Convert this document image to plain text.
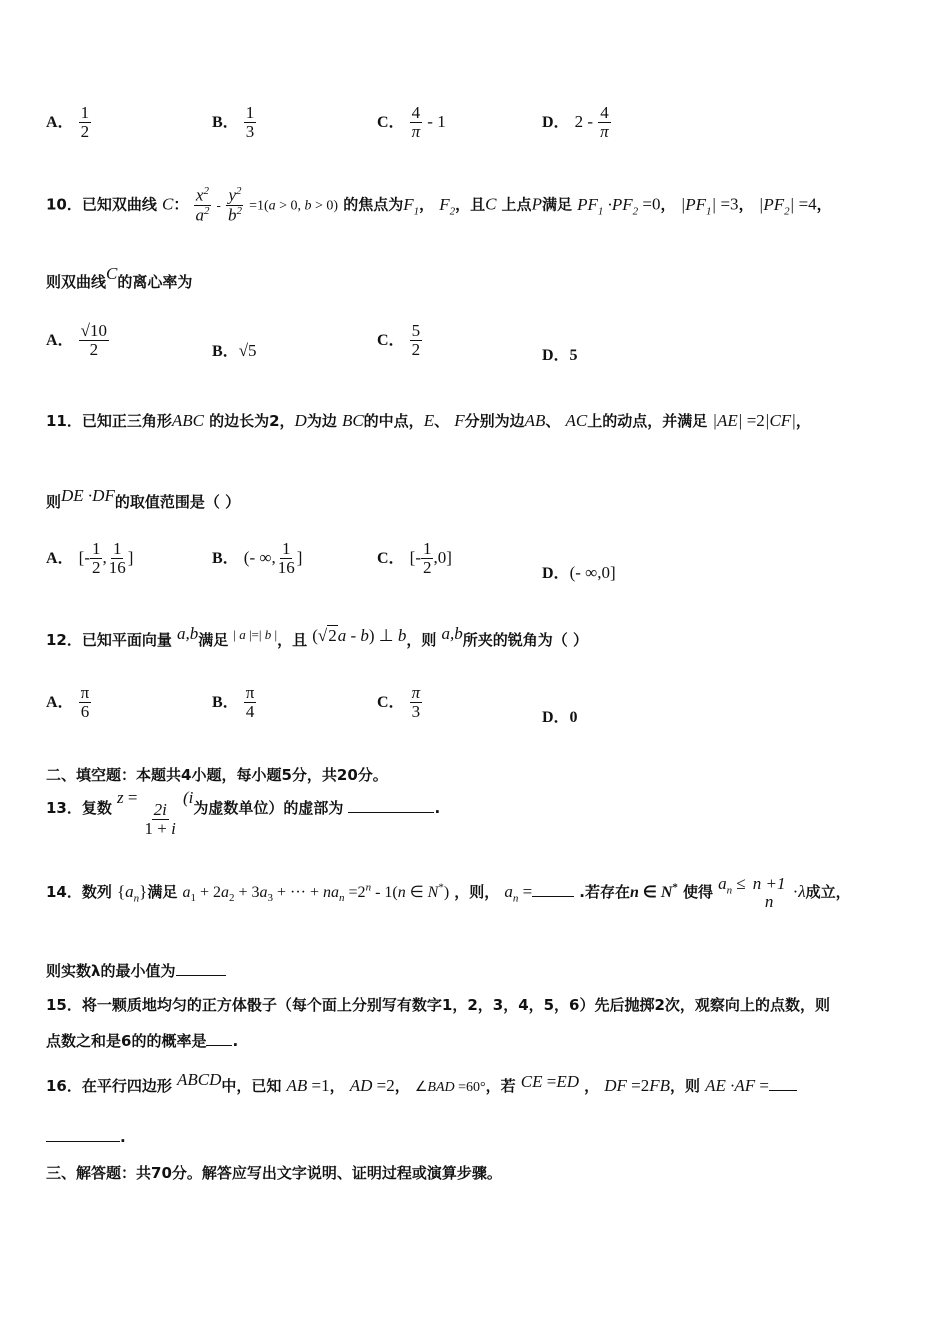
A． $\frac{1}{2}$	B． $\frac{1}{3}$	C． $\frac{4}{\pi} - 1$	D． $2 - \frac{4}{\pi}$
10．已知双曲线 C： $\frac{x^2}{a^2} - \frac{y^2}{b^2} =1(a > 0$, b > 0) 的焦点为$F_1$， $F_2$，且C 上点P满足 $PF_1 \cdot PF_2 =0$， $|PF_1| =3$， $|PF_2| =4$，
则双曲线C的离心率为
A． $\frac{√10}{2}$	B．√5
C． $\frac{5}{2}$	D．5
11．已知正三角形ABC 的边长为2，D为边 BC的中点，E、 F分别为边AB、 AC上的动点，并满足 |AE| =2|CF|，
则DE ·DF的取值范围是（ ）
A． [- $\frac{1}{2}$ , $\frac{1}{16}$ ]	B． (- ∞, $\frac{1}{16}$ ]	C． [- $\frac{1}{2} ,0$]
D．(- ∞,0]
12．已知平面向量 a,b满足 $^{| a |=| b |}$，且 (√2a - b) ⊥ b，则 a,b所夹的锐角为（ ）
A． $\frac{\pi}{6}$	B． $\frac{\pi}{4}$	C． $\frac{\pi}{3}$	D．0
二、填空题：本题共4小题，每小题5分，共20分。
13．复数 z =
$\frac{2i}{1 + i}$
(i为虚数单位）的虚部为	.
14．数列 $\{a_n\}$满足 $a_1 + 2a_2 + 3a_3$ + ··· + $na_n =2^n - 1(n$ ∈ N*) ，则， $a_n$ =	.若存在n ∈ N* 使得 $a_n \le n +1$
n ·λ成立，
则实数λ的最小值为
15．将一颗质地均匀的正方体骰子（每个面上分别写有数字1，2，3，4，5，6）先后抛掷2次，观察向上的点数，则
点数之和是6的的概率是 .
16．在平行四边形 ABCD中，已知 AB =1， AD =2， ∠BAD =60°，若 CE =ED ， DF =2FB，则 AE ·AF =
.
三、解答题：共70分。解答应写出文字说明、证明过程或演算步骤。
